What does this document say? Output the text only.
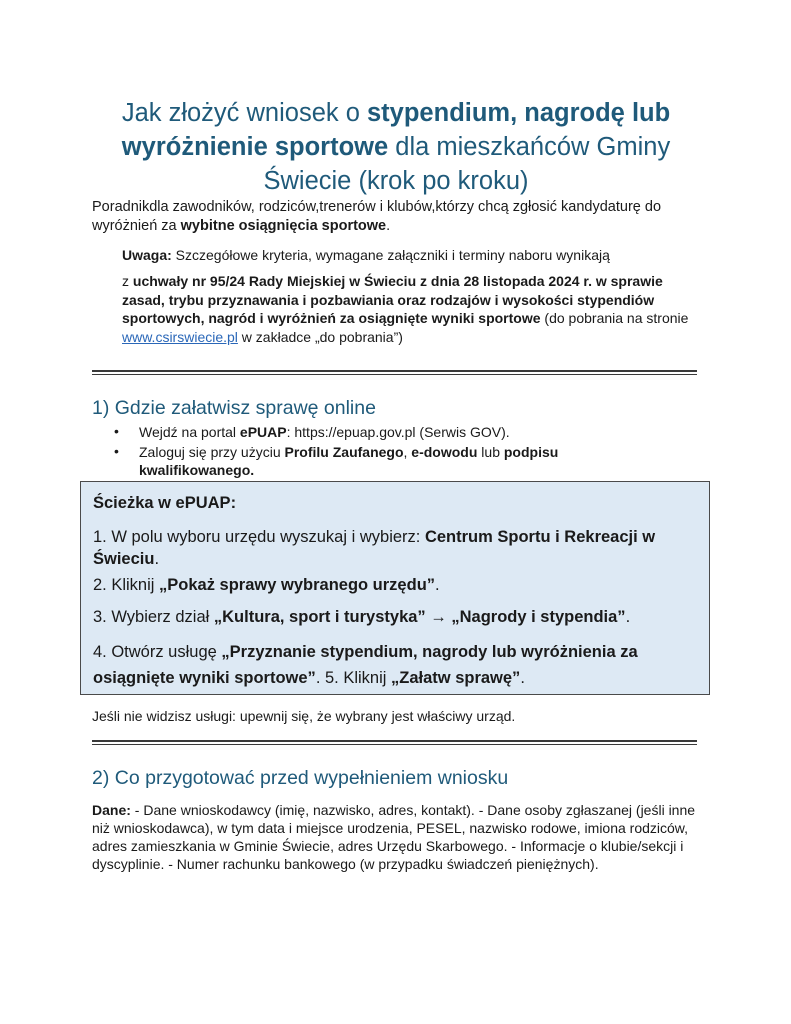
Jak złożyć wniosek o stypendium, nagrodę lub wyróżnienie sportowe dla mieszkańców Gminy Świecie (krok po kroku)

Poradnikdla zawodników, rodziców,trenerów i klubów,którzy chcą zgłosić kandydaturę do wyróżnień za wybitne osiągnięcia sportowe.

Uwaga: Szczegółowe kryteria, wymagane załączniki i terminy naboru wynikają

z uchwały nr 95/24 Rady Miejskiej w Świeciu z dnia 28 listopada 2024 r. w sprawie zasad, trybu przyznawania i pozbawiania oraz rodzajów i wysokości stypendiów sportowych, nagród i wyróżnień za osiągnięte wyniki sportowe (do pobrania na stronie www.csirswiecie.pl w zakładce „do pobrania”)

1) Gdzie załatwisz sprawę online
• Wejdź na portal ePUAP: https://epuap.gov.pl (Serwis GOV).
• Zaloguj się przy użyciu Profilu Zaufanego, e-dowodu lub podpisu kwalifikowanego.

Ścieżka w ePUAP:

1. W polu wyboru urzędu wyszukaj i wybierz: Centrum Sportu i Rekreacji w Świeciu.

2. Kliknij „Pokaż sprawy wybranego urzędu”.

3. Wybierz dział „Kultura, sport i turystyka” → „Nagrody i stypendia”.

4. Otwórz usługę „Przyznanie stypendium, nagrody lub wyróżnienia za osiągnięte wyniki sportowe”. 5. Kliknij „Załatw sprawę”.

Jeśli nie widzisz usługi: upewnij się, że wybrany jest właściwy urząd.

2) Co przygotować przed wypełnieniem wniosku

Dane: - Dane wnioskodawcy (imię, nazwisko, adres, kontakt). - Dane osoby zgłaszanej (jeśli inne niż wnioskodawca), w tym data i miejsce urodzenia, PESEL, nazwisko rodowe, imiona rodziców, adres zamieszkania w Gminie Świecie, adres Urzędu Skarbowego. - Informacje o klubie/sekcji i dyscyplinie. - Numer rachunku bankowego (w przypadku świadczeń pieniężnych).
